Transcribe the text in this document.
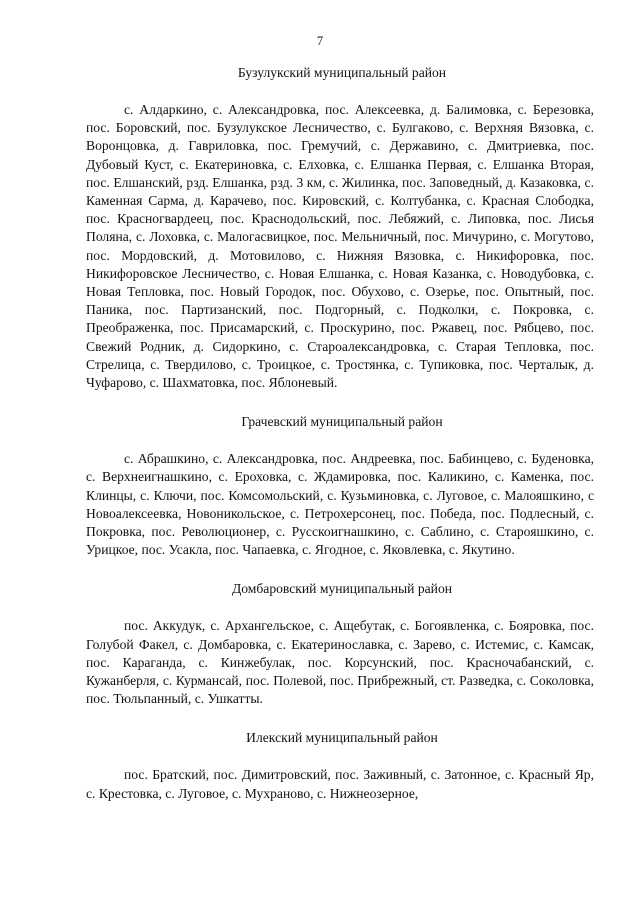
7
Бузулукский муниципальный район

с. Алдаркино, с. Александровка, пос. Алексеевка, д. Балимовка, с. Березовка, пос. Боровский, пос. Бузулукское Лесничество, с. Булгаково, с. Верхняя Вязовка, с. Воронцовка, д. Гавриловка, пос. Гремучий, с. Державино, с. Дмитриевка, пос. Дубовый Куст, с. Екатериновка, с. Елховка, с. Елшанка Первая, с. Елшанка Вторая, пос. Елшанский, рзд. Елшанка, рзд. 3 км, с. Жилинка, пос. Заповедный, д. Казаковка, с. Каменная Сарма, д. Карачево, пос. Кировский, с. Колтубанка, с. Красная Слободка, пос. Красногвардеец, пос. Краснодольский, пос. Лебяжий, с. Липовка, пос. Лисья Поляна, с. Лоховка, с. Малогасвицкое, пос. Мельничный, пос. Мичурино, с. Могутово, пос. Мордовский, д. Мотовилово, с. Нижняя Вязовка, с. Никифоровка, пос. Никифоровское Лесничество, с. Новая Елшанка, с. Новая Казанка, с. Новодубовка, с. Новая Тепловка, пос. Новый Городок, пос. Обухово, с. Озерье, пос. Опытный, пос. Паника, пос. Партизанский, пос. Подгорный, с. Подколки, с. Покровка, с. Преображенка, пос. Присамарский, с. Проскурино, пос. Ржавец, пос. Рябцево, пос. Свежий Родник, д. Сидоркино, с. Староалександровка, с. Старая Тепловка, пос. Стрелица, с. Твердилово, с. Троицкое, с. Тростянка, с. Тупиковка, пос. Черталык, д. Чуфарово, с. Шахматовка, пос. Яблоневый.

Грачевский муниципальный район

с. Абрашкино, с. Александровка, пос. Андреевка, пос. Бабинцево, с. Буденовка, с. Верхнеигнашкино, с. Ероховка, с. Ждамировка, пос. Каликино, с. Каменка, пос. Клинцы, с. Ключи, пос. Комсомольский, с. Кузьминовка, с. Луговое, с. Малояшкино, с Новоалексеевка, Новоникольское, с. Петрохерсонец, пос. Победа, пос. Подлесный, с. Покровка, пос. Революционер, с. Русскоигнашкино, с. Саблино, с. Старояшкино, с. Урицкое, пос. Усакла, пос. Чапаевка, с. Ягодное, с. Яковлевка, с. Якутино.

Домбаровский муниципальный район

пос. Аккудук, с. Архангельское, с. Ащебутак, с. Богоявленка, с. Бояровка, пос. Голубой Факел, с. Домбаровка, с. Екатеринославка, с. Зарево, с. Истемис, с. Камсак, пос. Караганда, с. Кинжебулак, пос. Корсунский, пос. Красночабанский, с. Кужанберля, с. Курмансай, пос. Полевой, пос. Прибрежный, ст. Разведка, с. Соколовка, пос. Тюльпанный, с. Ушкатты.

Илекский муниципальный район

пос. Братский, пос. Димитровский, пос. Заживный, с. Затонное, с. Красный Яр, с. Крестовка, с. Луговое, с. Мухраново, с. Нижнеозерное,
